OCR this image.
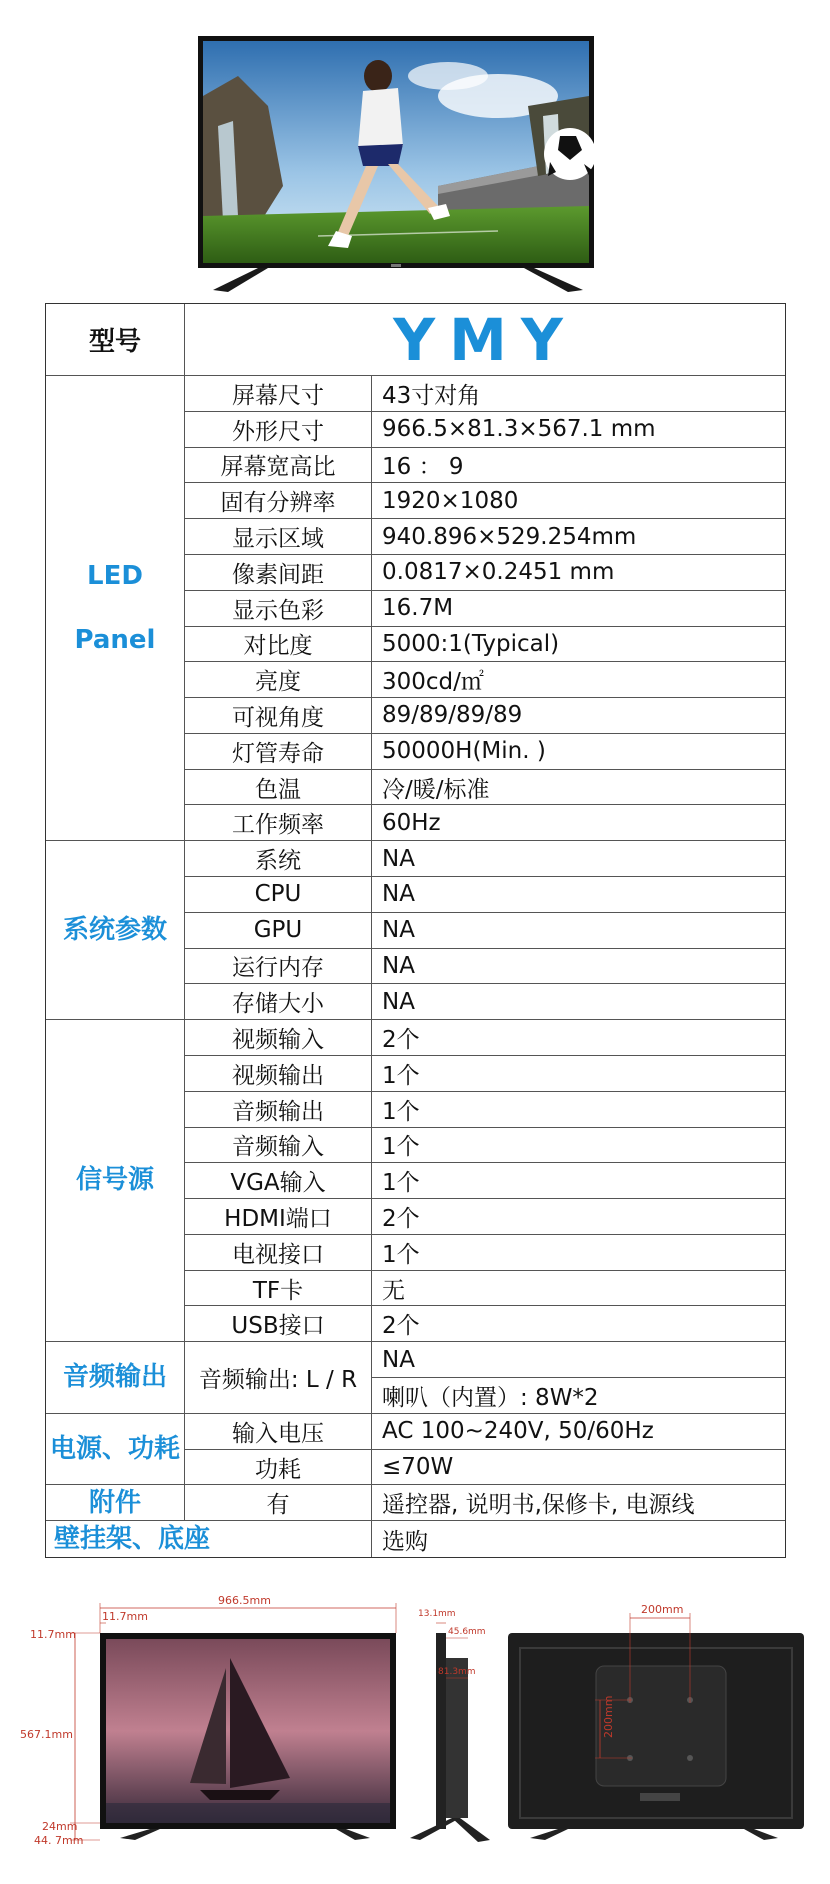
型号	YMY
LED
Panel
屏幕尺寸	43寸对角
外形尺寸	966.5×81.3×567.1 mm
屏幕宽高比	16 ： 9
固有分辨率	1920×1080
显示区域	940.896×529.254mm
像素间距	0.0817×0.2451 mm
显示色彩	16.7M
对比度	5000:1(Typical)
亮度	300cd/㎡
可视角度	89/89/89/89
灯管寿命	50000H(Min. )
色温	冷/暖/标准
工作频率	60Hz
系统参数
系统	NA
CPU	NA
GPU	NA
运行内存	NA
存储大小	NA
信号源
视频输入	2个
视频输出	1个
音频输出	1个
音频输入	1个
VGA输入	1个
HDMI端口	2个
电视接口	1个
TF卡	无
USB接口	2个
音频输出	音频输出: L / R
NA
喇叭（内置）: 8W*2
电源、功耗
输入电压	AC 100~240V, 50/60Hz
功耗	≤70W
附件	有	遥控器, 说明书,保修卡, 电源线
壁挂架、底座	选购
966.5mm
11.7mm
11.7mm
567.1mm
24mm
44. 7mm
13.1mm
45.6mm
81.3mm
200mm
200mm
